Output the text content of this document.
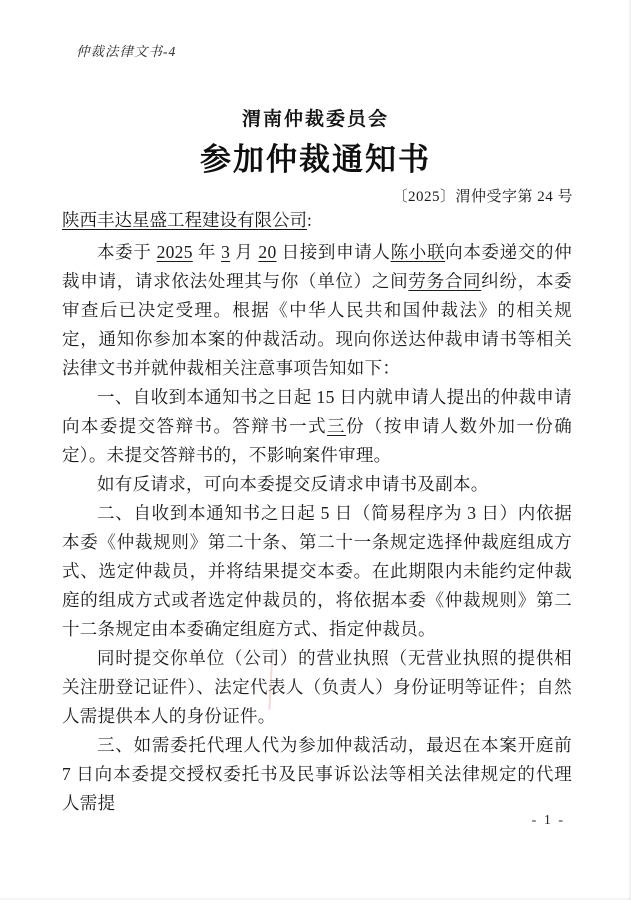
仲裁法律文书-4
渭南仲裁委员会
参加仲裁通知书
〔2025〕渭仲受字第 24 号
陕西丰达星盛工程建设有限公司:

本委于 2025 年 3 月 20 日接到申请人陈小联向本委递交的仲裁申请，请求依法处理其与你（单位）之间劳务合同纠纷，本委审查后已决定受理。根据《中华人民共和国仲裁法》的相关规定，通知你参加本案的仲裁活动。现向你送达仲裁申请书等相关法律文书并就仲裁相关注意事项告知如下：

一、自收到本通知书之日起 15 日内就申请人提出的仲裁申请向本委提交答辩书。答辩书一式三份（按申请人数外加一份确定）。未提交答辩书的，不影响案件审理。

如有反请求，可向本委提交反请求申请书及副本。

二、自收到本通知书之日起 5 日（简易程序为 3 日）内依据本委《仲裁规则》第二十条、第二十一条规定选择仲裁庭组成方式、选定仲裁员，并将结果提交本委。在此期限内未能约定仲裁庭的组成方式或者选定仲裁员的，将依据本委《仲裁规则》第二十二条规定由本委确定组庭方式、指定仲裁员。

同时提交你单位（公司）的营业执照（无营业执照的提供相关注册登记证件）、法定代表人（负责人）身份证明等证件；自然人需提供本人的身份证件。

三、如需委托代理人代为参加仲裁活动，最迟在本案开庭前 7 日向本委提交授权委托书及民事诉讼法等相关法律规定的代理人需提

- 1 -
